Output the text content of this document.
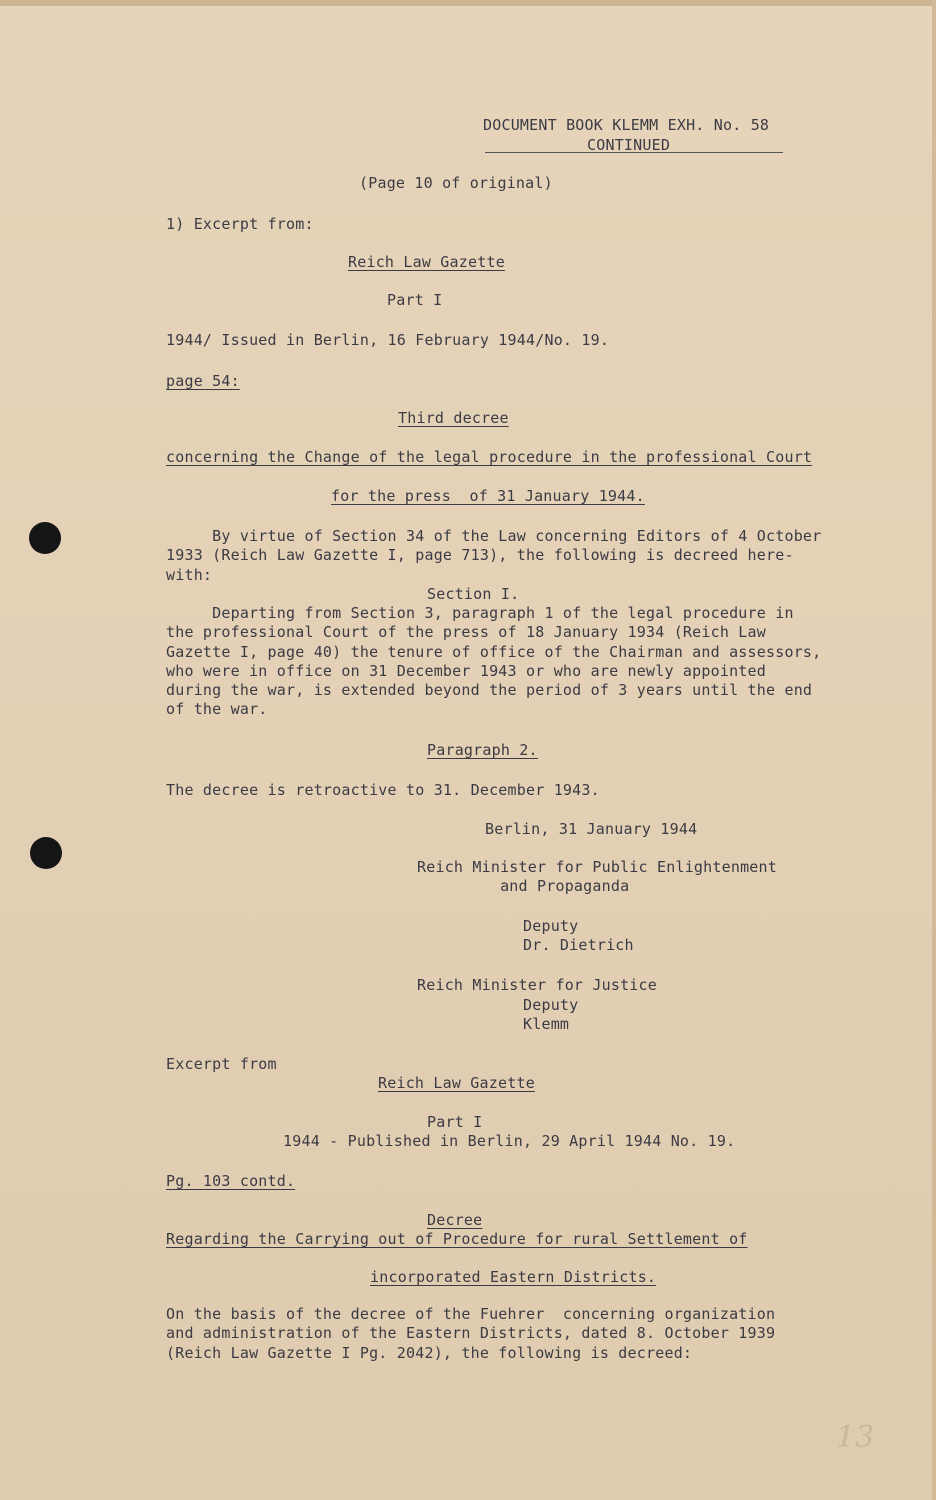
DOCUMENT BOOK KLEMM EXH. No. 58
CONTINUED
(Page 10 of original)
1) Excerpt from:
Reich Law Gazette
Part I
1944/ Issued in Berlin, 16 February 1944/No. 19.
page 54:
Third decree
concerning the Change of the legal procedure in the professional Court
for the press  of 31 January 1944.
By virtue of Section 34 of the Law concerning Editors of 4 October
1933 (Reich Law Gazette I, page 713), the following is decreed here-
with:
Section I.
Departing from Section 3, paragraph 1 of the legal procedure in
the professional Court of the press of 18 January 1934 (Reich Law
Gazette I, page 40) the tenure of office of the Chairman and assessors,
who were in office on 31 December 1943 or who are newly appointed
during the war, is extended beyond the period of 3 years until the end
of the war.
Paragraph 2.
The decree is retroactive to 31. December 1943.
Berlin, 31 January 1944
Reich Minister for Public Enlightenment
and Propaganda
Deputy
Dr. Dietrich
Reich Minister for Justice
Deputy
Klemm
Excerpt from
Reich Law Gazette
Part I
1944 - Published in Berlin, 29 April 1944 No. 19.
Pg. 103 contd.
Decree
Regarding the Carrying out of Procedure for rural Settlement of
incorporated Eastern Districts.
On the basis of the decree of the Fuehrer  concerning organization
and administration of the Eastern Districts, dated 8. October 1939
(Reich Law Gazette I Pg. 2042), the following is decreed:
13
